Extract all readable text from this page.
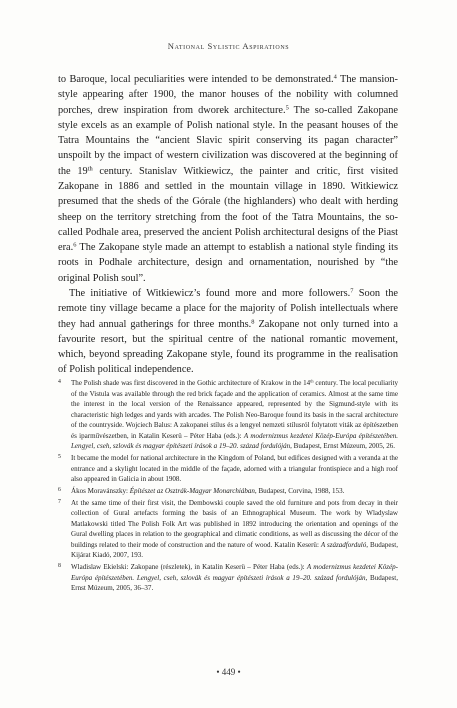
National Sylistic Aspirations

to Baroque, local peculiarities were intended to be demonstrated.$^4$ The mansion-style appearing after 1900, the manor houses of the nobility with columned porches, drew inspiration from dworek architecture.$^5$ The so-called Zakopane style excels as an example of Polish national style. In the peasant houses of the Tatra Mountains the “ancient Slavic spirit conserving its pagan character” unspoilt by the impact of western civilization was discovered at the beginning of the 19th century. Stanislav Witkiewicz, the painter and critic, first visited Zakopane in 1886 and settled in the mountain village in 1890. Witkiewicz presumed that the sheds of the Górale (the highlanders) who dealt with herding sheep on the territory stretching from the foot of the Tatra Mountains, the so-called Podhale area, preserved the ancient Polish architectural designs of the Piast era.$^6$ The Zakopane style made an attempt to establish a national style finding its roots in Podhale architecture, design and ornamentation, nourished by “the original Polish soul”.

The initiative of Witkiewicz’s found more and more followers.$^7$ Soon the remote tiny village became a place for the majority of Polish intellectuals where they had annual gatherings for three months.$^8$ Zakopane not only turned into a favourite resort, but the spiritual centre of the national romantic movement, which, beyond spreading Zakopane style, found its programme in the realisation of Polish political independence.

4 The Polish shade was first discovered in the Gothic architecture of Krakow in the 14th century. The local peculiarity of the Vistula was available through the red brick façade and the application of ceramics. Almost at the same time the interest in the local version of the Renaissance appeared, represented by the Sigmund-style with its characteristic high ledges and yards with arcades. The Polish Neo-Baroque found its basis in the sacral architecture of the countryside. Wojciech Balus: A zakopanei stílus és a lengyel nemzeti stílusról folytatott viták az építészetben és iparművészetben, in Katalin Keserü – Péter Haba (eds.): A modernizmus kezdetei Közép-Európa építészetében. Lengyel, cseh, szlovák és magyar építészeti írások a 19–20. század fordulóján, Budapest, Ernst Múzeum, 2005, 26.
5 It became the model for national architecture in the Kingdom of Poland, but edifices designed with a veranda at the entrance and a skylight located in the middle of the façade, adorned with a triangular frontispiece and a high roof also appeared in Galicia in about 1908.
6 Ákos Moravánszky: Építészet az Osztrák-Magyar Monarchiában, Budapest, Corvina, 1988, 153.
7 At the same time of their first visit, the Dembowski couple saved the old furniture and pots from decay in their collection of Gural artefacts forming the basis of an Ethnographical Museum. The work by Wladyslaw Matlakowski titled The Polish Folk Art was published in 1892 introducing the orientation and openings of the Gural dwelling places in relation to the geographical and climatic conditions, as well as discussing the décor of the buildings related to their mode of construction and the nature of wood. Katalin Keserü: A századforduló, Budapest, Kijárat Kiadó, 2007, 193.
8 Wladislaw Ekielski: Zakopane (részletek), in Katalin Keserü – Péter Haba (eds.): A modernizmus kezdetei Közép-Európa építészetében. Lengyel, cseh, szlovák és magyar építészeti írások a 19–20. század fordulóján, Budapest, Ernst Múzeum, 2005, 36–37.
• 449 •
